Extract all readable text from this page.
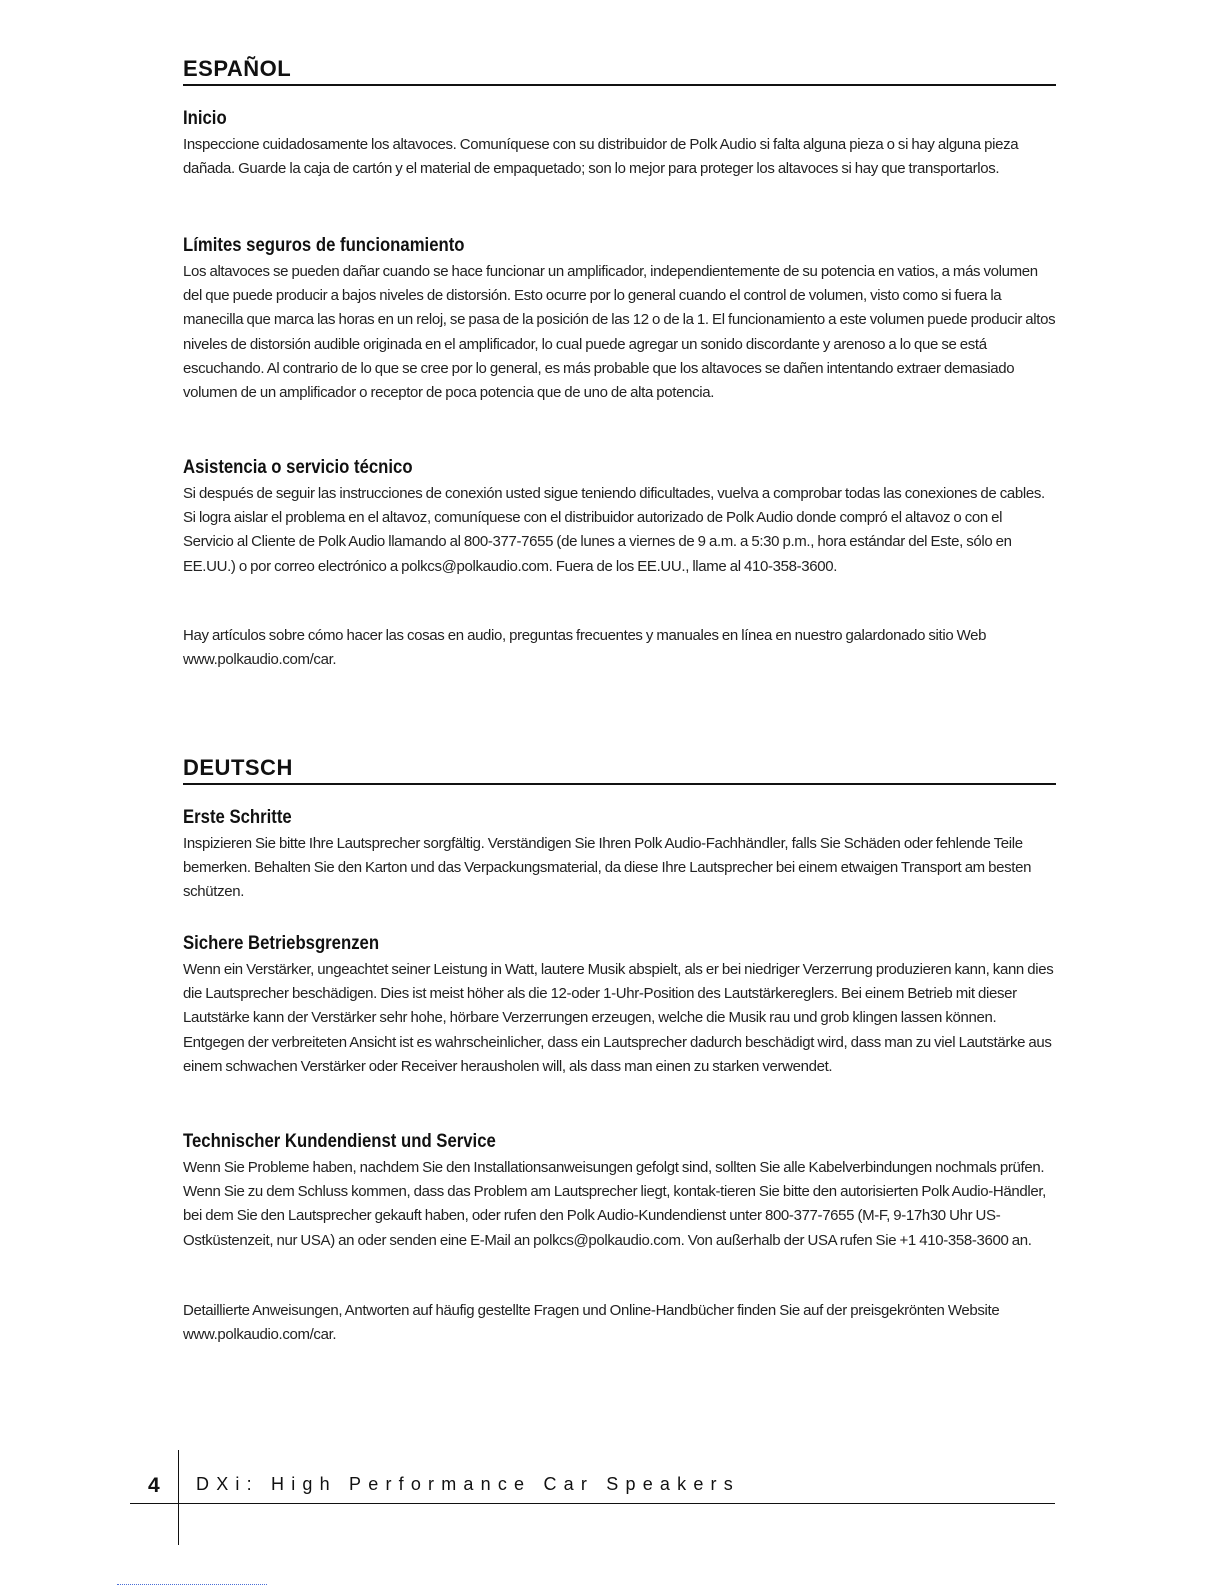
ESPAÑOL
Inicio

Inspeccione cuidadosamente los altavoces. Comuníquese con su distribuidor de Polk Audio si falta alguna pieza o si hay alguna pieza dañada. Guarde la caja de cartón y el material de empaquetado; son lo mejor para proteger los altavoces si hay que transportarlos.

Límites seguros de funcionamiento

Los altavoces se pueden dañar cuando se hace funcionar un amplificador, independientemente de su potencia en vatios, a más volumen del que puede producir a bajos niveles de distorsión. Esto ocurre por lo general cuando el control de volumen, visto como si fuera la manecilla que marca las horas en un reloj, se pasa de la posición de las 12 o de la 1. El funcionamiento a este volumen puede producir altos niveles de distorsión audible originada en el amplificador, lo cual puede agregar un sonido discordante y arenoso a lo que se está escuchando. Al contrario de lo que se cree por lo general, es más probable que los altavoces se dañen intentando extraer demasiado volumen de un amplificador o receptor de poca potencia que de uno de alta potencia.

Asistencia o servicio técnico

Si después de seguir las instrucciones de conexión usted sigue teniendo dificultades, vuelva a comprobar todas las conexiones de cables. Si logra aislar el problema en el altavoz, comuníquese con el distribuidor autorizado de Polk Audio donde compró el altavoz o con el Servicio al Cliente de Polk Audio llamando al 800-377-7655 (de lunes a viernes de 9 a.m. a 5:30 p.m., hora estándar del Este, sólo en EE.UU.) o por correo electrónico a polkcs@polkaudio.com. Fuera de los EE.UU., llame al 410-358-3600.

Hay artículos sobre cómo hacer las cosas en audio, preguntas frecuentes y manuales en línea en nuestro galardonado sitio Web www.polkaudio.com/car.

DEUTSCH
Erste Schritte

Inspizieren Sie bitte Ihre Lautsprecher sorgfältig. Verständigen Sie Ihren Polk Audio-Fachhändler, falls Sie Schäden oder fehlende Teile bemerken. Behalten Sie den Karton und das Verpackungsmaterial, da diese Ihre Lautsprecher bei einem etwaigen Transport am besten schützen.

Sichere Betriebsgrenzen

Wenn ein Verstärker, ungeachtet seiner Leistung in Watt, lautere Musik abspielt, als er bei niedriger Verzerrung produzieren kann, kann dies die Lautsprecher beschädigen. Dies ist meist höher als die 12-oder 1-Uhr-Position des Lautstärkereglers. Bei einem Betrieb mit dieser Lautstärke kann der Verstärker sehr hohe, hörbare Verzerrungen erzeugen, welche die Musik rau und grob klingen lassen können. Entgegen der verbreiteten Ansicht ist es wahrscheinlicher, dass ein Lautsprecher dadurch beschädigt wird, dass man zu viel Lautstärke aus einem schwachen Verstärker oder Receiver herausholen will, als dass man einen zu starken verwendet.

Technischer Kundendienst und Service

Wenn Sie Probleme haben, nachdem Sie den Installationsanweisungen gefolgt sind, sollten Sie alle Kabelverbindungen nochmals prüfen. Wenn Sie zu dem Schluss kommen, dass das Problem am Lautsprecher liegt, kontak-tieren Sie bitte den autorisierten Polk Audio-Händler, bei dem Sie den Lautsprecher gekauft haben, oder rufen den Polk Audio-Kundendienst unter 800-377-7655 (M-F, 9-17h30 Uhr US-Ostküstenzeit, nur USA) an oder senden eine E-Mail an polkcs@polkaudio.com. Von außerhalb der USA rufen Sie +1 410-358-3600 an.

Detaillierte Anweisungen, Antworten auf häufig gestellte Fragen und Online-Handbücher finden Sie auf der preisgekrönten Website www.polkaudio.com/car.

4 DXi: High Performance Car Speakers
